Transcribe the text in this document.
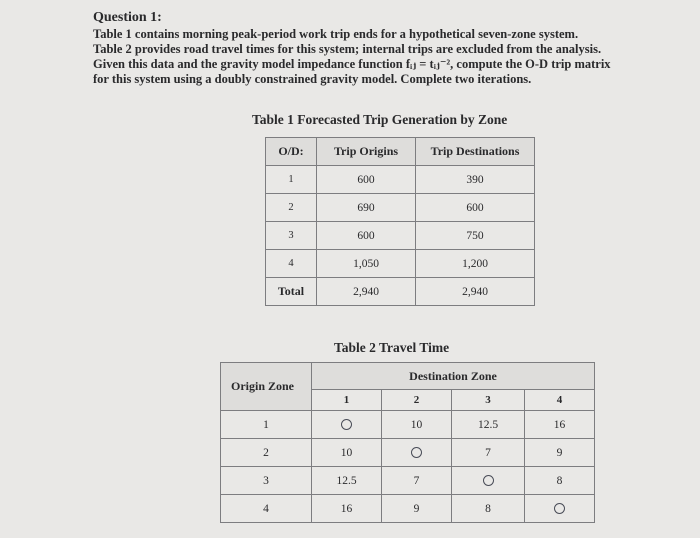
Question 1:
Table 1 contains morning peak-period work trip ends for a hypothetical seven-zone system.
Table 2 provides road travel times for this system; internal trips are excluded from the analysis.
Given this data and the gravity model impedance function fᵢⱼ = tᵢⱼ⁻², compute the O-D trip matrix
for this system using a doubly constrained gravity model. Complete two iterations.
Table 1 Forecasted Trip Generation by Zone
O/D:	Trip Origins	Trip Destinations
1	600	390
2	690	600
3	600	750
4	1,050	1,200
Total	2,940	2,940
Table 2 Travel Time
Origin Zone	Destination Zone			
	1	2	3	4
1		10	12.5	16
2	10		7	9
3	12.5	7		8
4	16	9	8	
